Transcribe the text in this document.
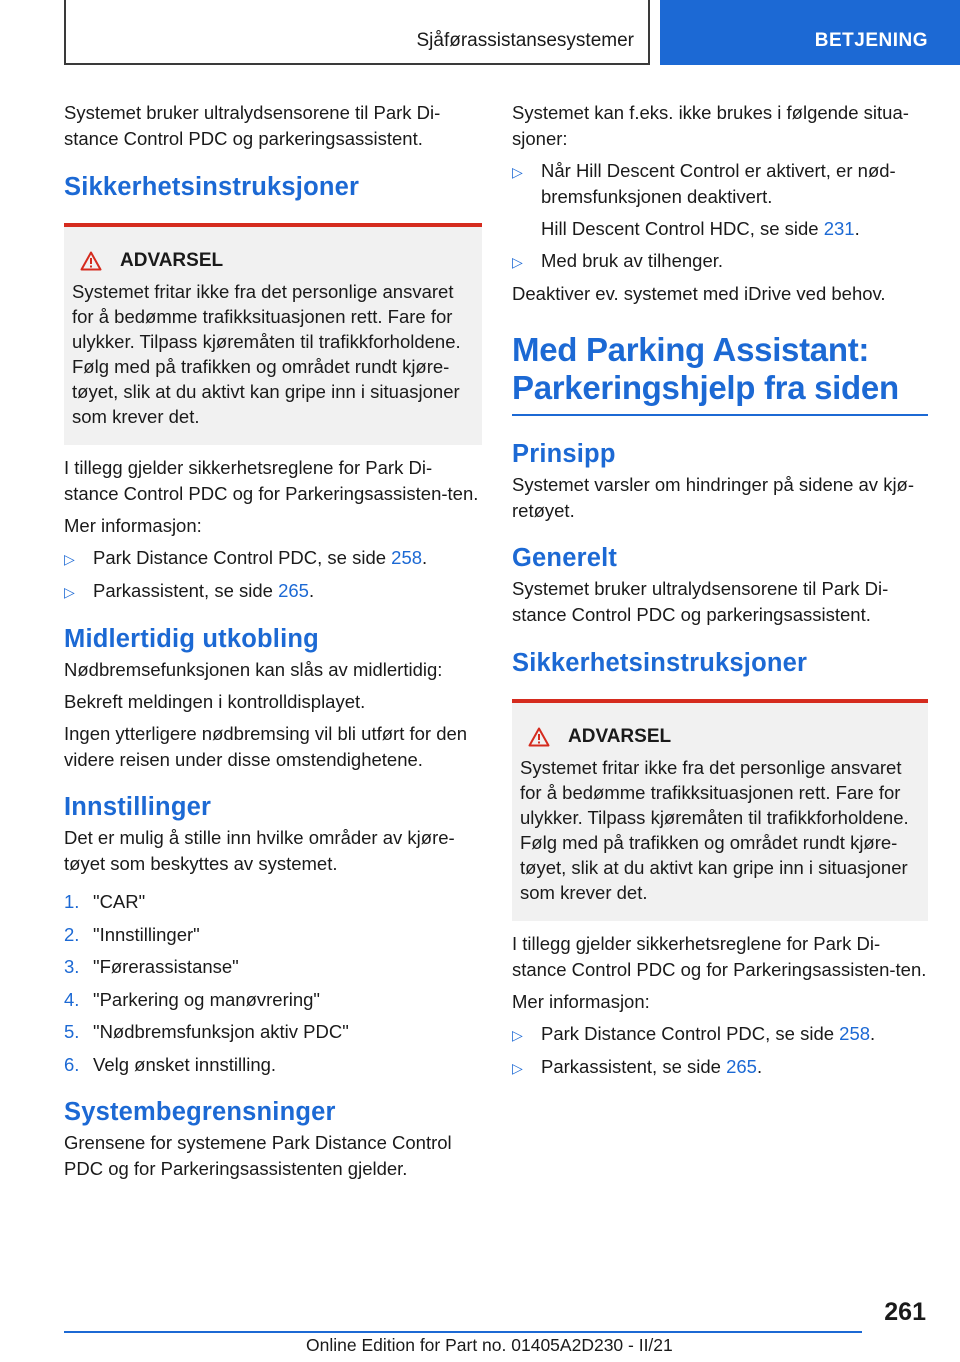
Sjåførassistansesystemer	BETJENING

Systemet bruker ultralydsensorene til Park Di-stance Control PDC og parkeringsassistent.

Sikkerhetsinstruksjoner
ADVARSEL

Systemet fritar ikke fra det personlige ansvaret for å bedømme trafikksituasjonen rett. Fare for ulykker. Tilpass kjøremåten til trafikkforholdene. Følg med på trafikken og området rundt kjøre-tøyet, slik at du aktivt kan gripe inn i situasjoner som krever det.

I tillegg gjelder sikkerhetsreglene for Park Di-stance Control PDC og for Parkeringsassisten-ten.

Mer informasjon:

▷ Park Distance Control PDC, se side 258.
▷ Parkassistent, se side 265.
Midlertidig utkobling

Nødbremsefunksjonen kan slås av midlertidig:

Bekreft meldingen i kontrolldisplayet.

Ingen ytterligere nødbremsing vil bli utført for den videre reisen under disse omstendighetene.

Innstillinger

Det er mulig å stille inn hvilke områder av kjøre-tøyet som beskyttes av systemet.

1. "CAR"
2. "Innstillinger"
3. "Førerassistanse"
4. "Parkering og manøvrering"
5. "Nødbremsfunksjon aktiv PDC"
6. Velg ønsket innstilling.
Systembegrensninger

Grensene for systemene Park Distance Control PDC og for Parkeringsassistenten gjelder.

Systemet kan f.eks. ikke brukes i følgende situa-sjoner:

▷ Når Hill Descent Control er aktivert, er nød-bremsfunksjonen deaktivert.

Hill Descent Control HDC, se side 231.

▷ Med bruk av tilhenger.

Deaktiver ev. systemet med iDrive ved behov.

Med Parking Assistant:
Parkeringshjelp fra siden
Prinsipp

Systemet varsler om hindringer på sidene av kjø-retøyet.

Generelt

Systemet bruker ultralydsensorene til Park Di-stance Control PDC og parkeringsassistent.

Sikkerhetsinstruksjoner
ADVARSEL

Systemet fritar ikke fra det personlige ansvaret for å bedømme trafikksituasjonen rett. Fare for ulykker. Tilpass kjøremåten til trafikkforholdene. Følg med på trafikken og området rundt kjøre-tøyet, slik at du aktivt kan gripe inn i situasjoner som krever det.

I tillegg gjelder sikkerhetsreglene for Park Di-stance Control PDC og for Parkeringsassisten-ten.

Mer informasjon:

▷ Park Distance Control PDC, se side 258.
▷ Parkassistent, se side 265.
261
Online Edition for Part no. 01405A2D230 - II/21
